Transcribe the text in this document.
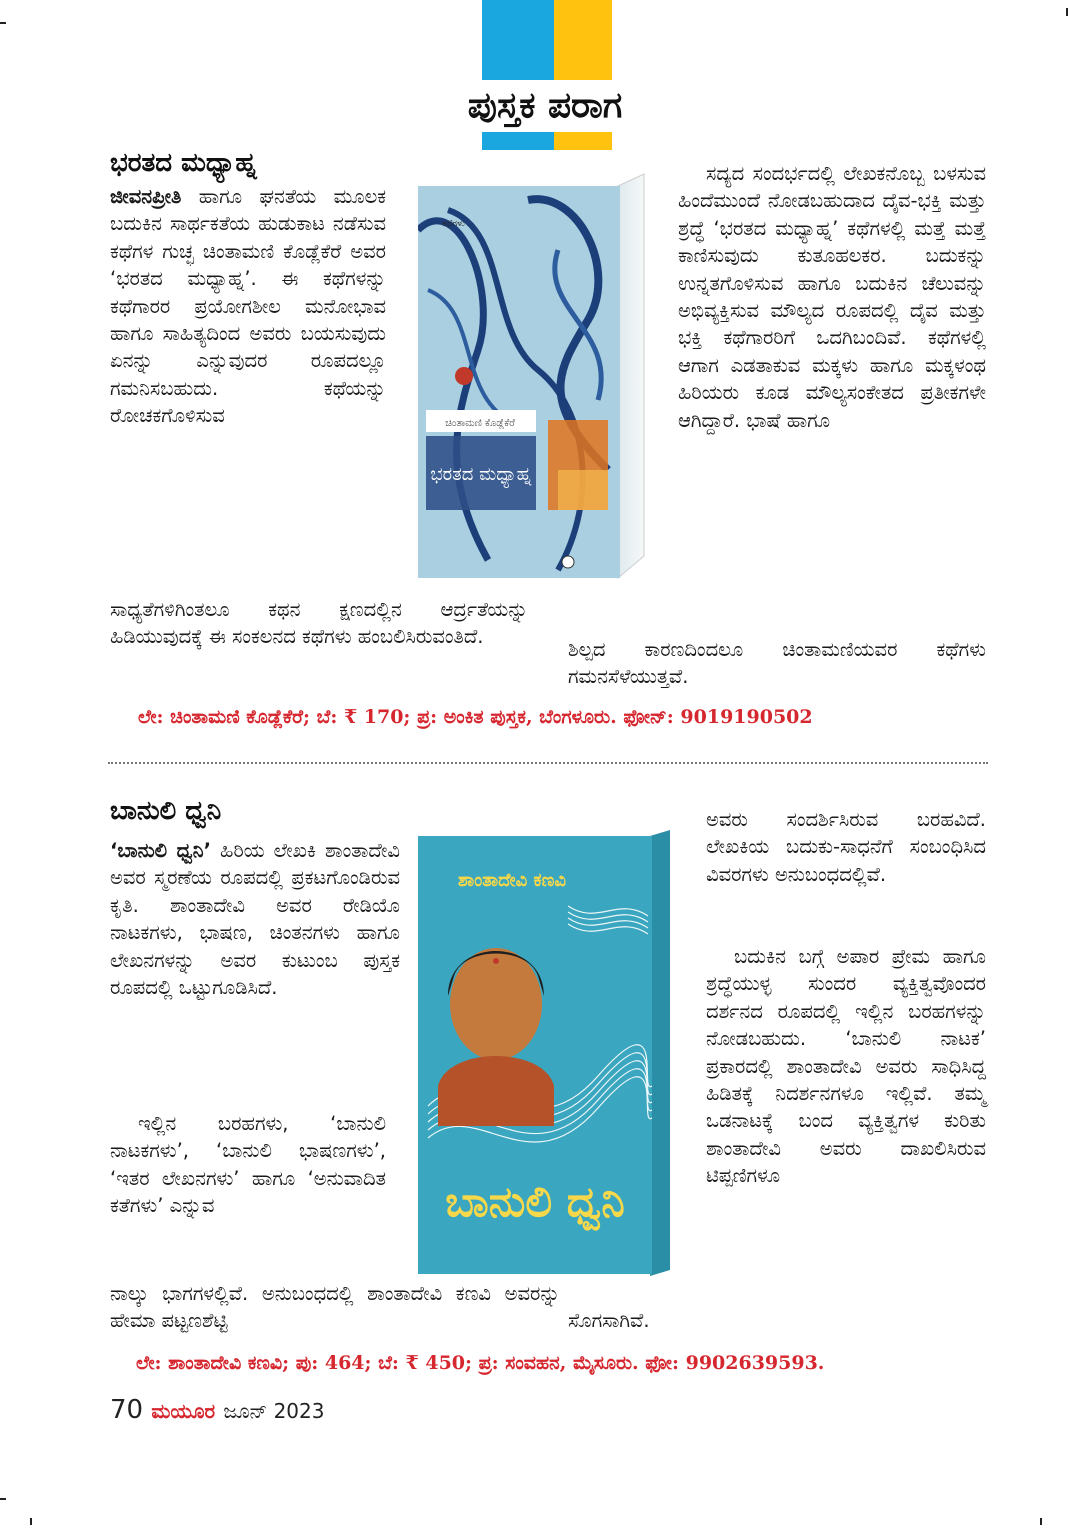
ಪುಸ್ತಕ ಪರಾಗ
ಭರತದ ಮಧ್ಯಾಹ್ನ

ಜೀವನಪ್ರೀತಿ ಹಾಗೂ ಘನತೆಯ ಮೂಲಕ ಬದುಕಿನ ಸಾರ್ಥಕತೆಯ ಹುಡುಕಾಟ ನಡೆಸುವ ಕಥೆಗಳ ಗುಚ್ಛ ಚಿಂತಾಮಣಿ ಕೊಡ್ಲೆಕೆರೆ ಅವರ ‘ಭರತದ ಮಧ್ಯಾಹ್ನ’. ಈ ಕಥೆಗಳನ್ನು ಕಥೆಗಾರರ ಪ್ರಯೋಗಶೀಲ ಮನೋಭಾವ ಹಾಗೂ ಸಾಹಿತ್ಯದಿಂದ ಅವರು ಬಯಸುವುದು ಏನನ್ನು ಎನ್ನುವುದರ ರೂಪದಲ್ಲೂ ಗಮನಿಸಬಹುದು. ಕಥೆಯನ್ನು ರೋಚಕಗೊಳಿಸುವ

ಸಾಧ್ಯತೆಗಳಿಗಿಂತಲೂ ಕಥನ ಕ್ಷಣದಲ್ಲಿನ ಆರ್ದ್ರತೆಯನ್ನು ಹಿಡಿಯುವುದಕ್ಕೆ ಈ ಸಂಕಲನದ ಕಥೆಗಳು ಹಂಬಲಿಸಿರುವಂತಿದೆ.

ಸದ್ಯದ ಸಂದರ್ಭದಲ್ಲಿ ಲೇಖಕನೊಬ್ಬ ಬಳಸುವ ಹಿಂದೆಮುಂದೆ ನೋಡಬಹುದಾದ ದೈವ-ಭಕ್ತಿ ಮತ್ತು ಶ್ರದ್ಧೆ ‘ಭರತದ ಮಧ್ಯಾಹ್ನ’ ಕಥೆಗಳಲ್ಲಿ ಮತ್ತೆ ಮತ್ತೆ ಕಾಣಿಸುವುದು ಕುತೂಹಲಕರ. ಬದುಕನ್ನು ಉನ್ನತಗೊಳಿಸುವ ಹಾಗೂ ಬದುಕಿನ ಚೆಲುವನ್ನು ಅಭಿವ್ಯಕ್ತಿಸುವ ಮೌಲ್ಯದ ರೂಪದಲ್ಲಿ ದೈವ ಮತ್ತು ಭಕ್ತಿ ಕಥೆಗಾರರಿಗೆ ಒದಗಿಬಂದಿವೆ. ಕಥೆಗಳಲ್ಲಿ ಆಗಾಗ ಎಡತಾಕುವ ಮಕ್ಕಳು ಹಾಗೂ ಮಕ್ಕಳಂಥ ಹಿರಿಯರು ಕೂಡ ಮೌಲ್ಯಸಂಕೇತದ ಪ್ರತೀಕಗಳೇ ಆಗಿದ್ದಾರೆ. ಭಾಷೆ ಹಾಗೂ

ಶಿಲ್ಪದ ಕಾರಣದಿಂದಲೂ ಚಿಂತಾಮಣಿಯವರ ಕಥೆಗಳು ಗಮನಸೆಳೆಯುತ್ತವೆ.

ಚಿಂತಾಮಣಿ ಕೊಡ್ಲೆಕೆರೆ
ಭರತದ ಮಧ್ಯಾಹ್ನ
ಕಥೆಗಳು
ಲೇ: ಚಿಂತಾಮಣಿ ಕೊಡ್ಲೆಕೆರೆ; ಬೆ: ₹ 170; ಪ್ರ: ಅಂಕಿತ ಪುಸ್ತಕ, ಬೆಂಗಳೂರು. ಫೋನ್: 9019190502
ಬಾನುಲಿ ಧ್ವನಿ

‘ಬಾನುಲಿ ಧ್ವನಿ’ ಹಿರಿಯ ಲೇಖಕಿ ಶಾಂತಾದೇವಿ ಅವರ ಸ್ಮರಣೆಯ ರೂಪದಲ್ಲಿ ಪ್ರಕಟಗೊಂಡಿರುವ ಕೃತಿ. ಶಾಂತಾದೇವಿ ಅವರ ರೇಡಿಯೊ ನಾಟಕಗಳು, ಭಾಷಣ, ಚಿಂತನಗಳು ಹಾಗೂ ಲೇಖನಗಳನ್ನು ಅವರ ಕುಟುಂಬ ಪುಸ್ತಕ ರೂಪದಲ್ಲಿ ಒಟ್ಟುಗೂಡಿಸಿದೆ.

ಇಲ್ಲಿನ ಬರಹಗಳು, ‘ಬಾನುಲಿ ನಾಟಕಗಳು’, ‘ಬಾನುಲಿ ಭಾಷಣಗಳು’, ‘ಇತರ ಲೇಖನಗಳು’ ಹಾಗೂ ‘ಅನುವಾದಿತ ಕತೆಗಳು’ ಎನ್ನುವ

ನಾಲ್ಕು ಭಾಗಗಳಲ್ಲಿವೆ. ಅನುಬಂಧದಲ್ಲಿ ಶಾಂತಾದೇವಿ ಕಣವಿ ಅವರನ್ನು ಹೇಮಾ ಪಟ್ಟಣಶೆಟ್ಟಿ

ಅವರು ಸಂದರ್ಶಿಸಿರುವ ಬರಹವಿದೆ. ಲೇಖಕಿಯ ಬದುಕು-ಸಾಧನೆಗೆ ಸಂಬಂಧಿಸಿದ ವಿವರಗಳು ಅನುಬಂಧದಲ್ಲಿವೆ.

ಬದುಕಿನ ಬಗ್ಗೆ ಅಪಾರ ಪ್ರೇಮ ಹಾಗೂ ಶ್ರದ್ಧೆಯುಳ್ಳ ಸುಂದರ ವ್ಯಕ್ತಿತ್ವವೊಂದರ ದರ್ಶನದ ರೂಪದಲ್ಲಿ ಇಲ್ಲಿನ ಬರಹಗಳನ್ನು ನೋಡಬಹುದು. ‘ಬಾನುಲಿ ನಾಟಕ’ ಪ್ರಕಾರದಲ್ಲಿ ಶಾಂತಾದೇವಿ ಅವರು ಸಾಧಿಸಿದ್ದ ಹಿಡಿತಕ್ಕೆ ನಿದರ್ಶನಗಳೂ ಇಲ್ಲಿವೆ. ತಮ್ಮ ಒಡನಾಟಕ್ಕೆ ಬಂದ ವ್ಯಕ್ತಿತ್ವಗಳ ಕುರಿತು ಶಾಂತಾದೇವಿ ಅವರು ದಾಖಲಿಸಿರುವ ಟಿಪ್ಪಣಿಗಳೂ

ಸೊಗಸಾಗಿವೆ.

ಶಾಂತಾದೇವಿ ಕಣವಿ
ಬಾನುಲಿ ಧ್ವನಿ
ಲೇ: ಶಾಂತಾದೇವಿ ಕಣವಿ; ಪು: 464; ಬೆ: ₹ 450; ಪ್ರ: ಸಂವಹನ, ಮೈಸೂರು. ಫೋ: 9902639593.
70 ಮಯೂರ ಜೂನ್ 2023
